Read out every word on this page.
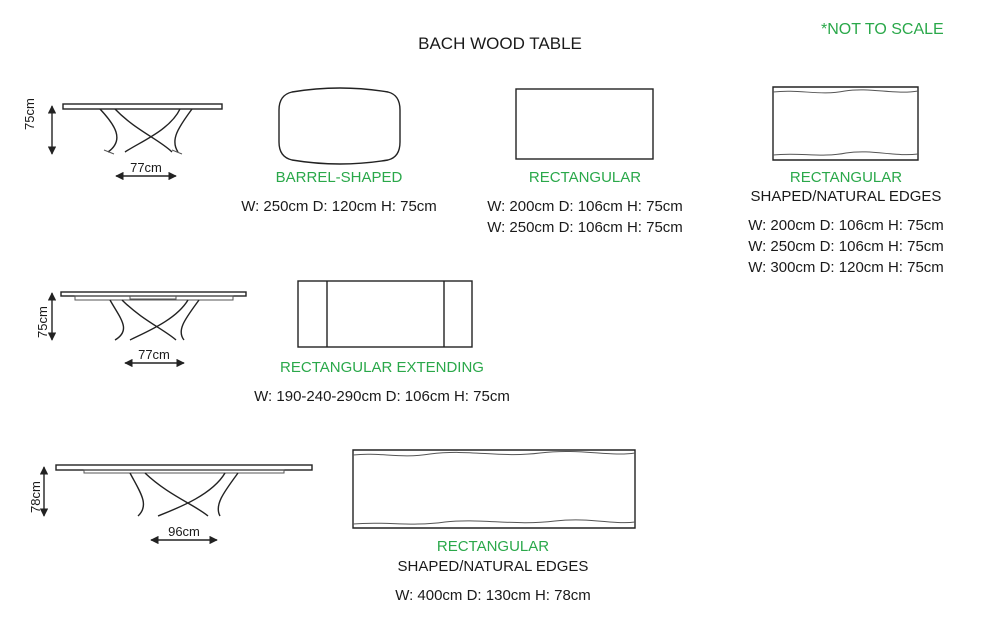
BACH WOOD TABLE
*NOT TO SCALE
75cm
77cm
BARREL-SHAPED
W: 250cm D: 120cm H: 75cm
RECTANGULAR
W: 200cm D: 106cm H: 75cm
W: 250cm D: 106cm H: 75cm
RECTANGULAR
SHAPED/NATURAL EDGES
W: 200cm D: 106cm H: 75cm
W: 250cm D: 106cm H: 75cm
W: 300cm D: 120cm H: 75cm
75cm
77cm
RECTANGULAR EXTENDING
W: 190-240-290cm D: 106cm H: 75cm
78cm
96cm
RECTANGULAR
SHAPED/NATURAL EDGES
W: 400cm D: 130cm H: 78cm
